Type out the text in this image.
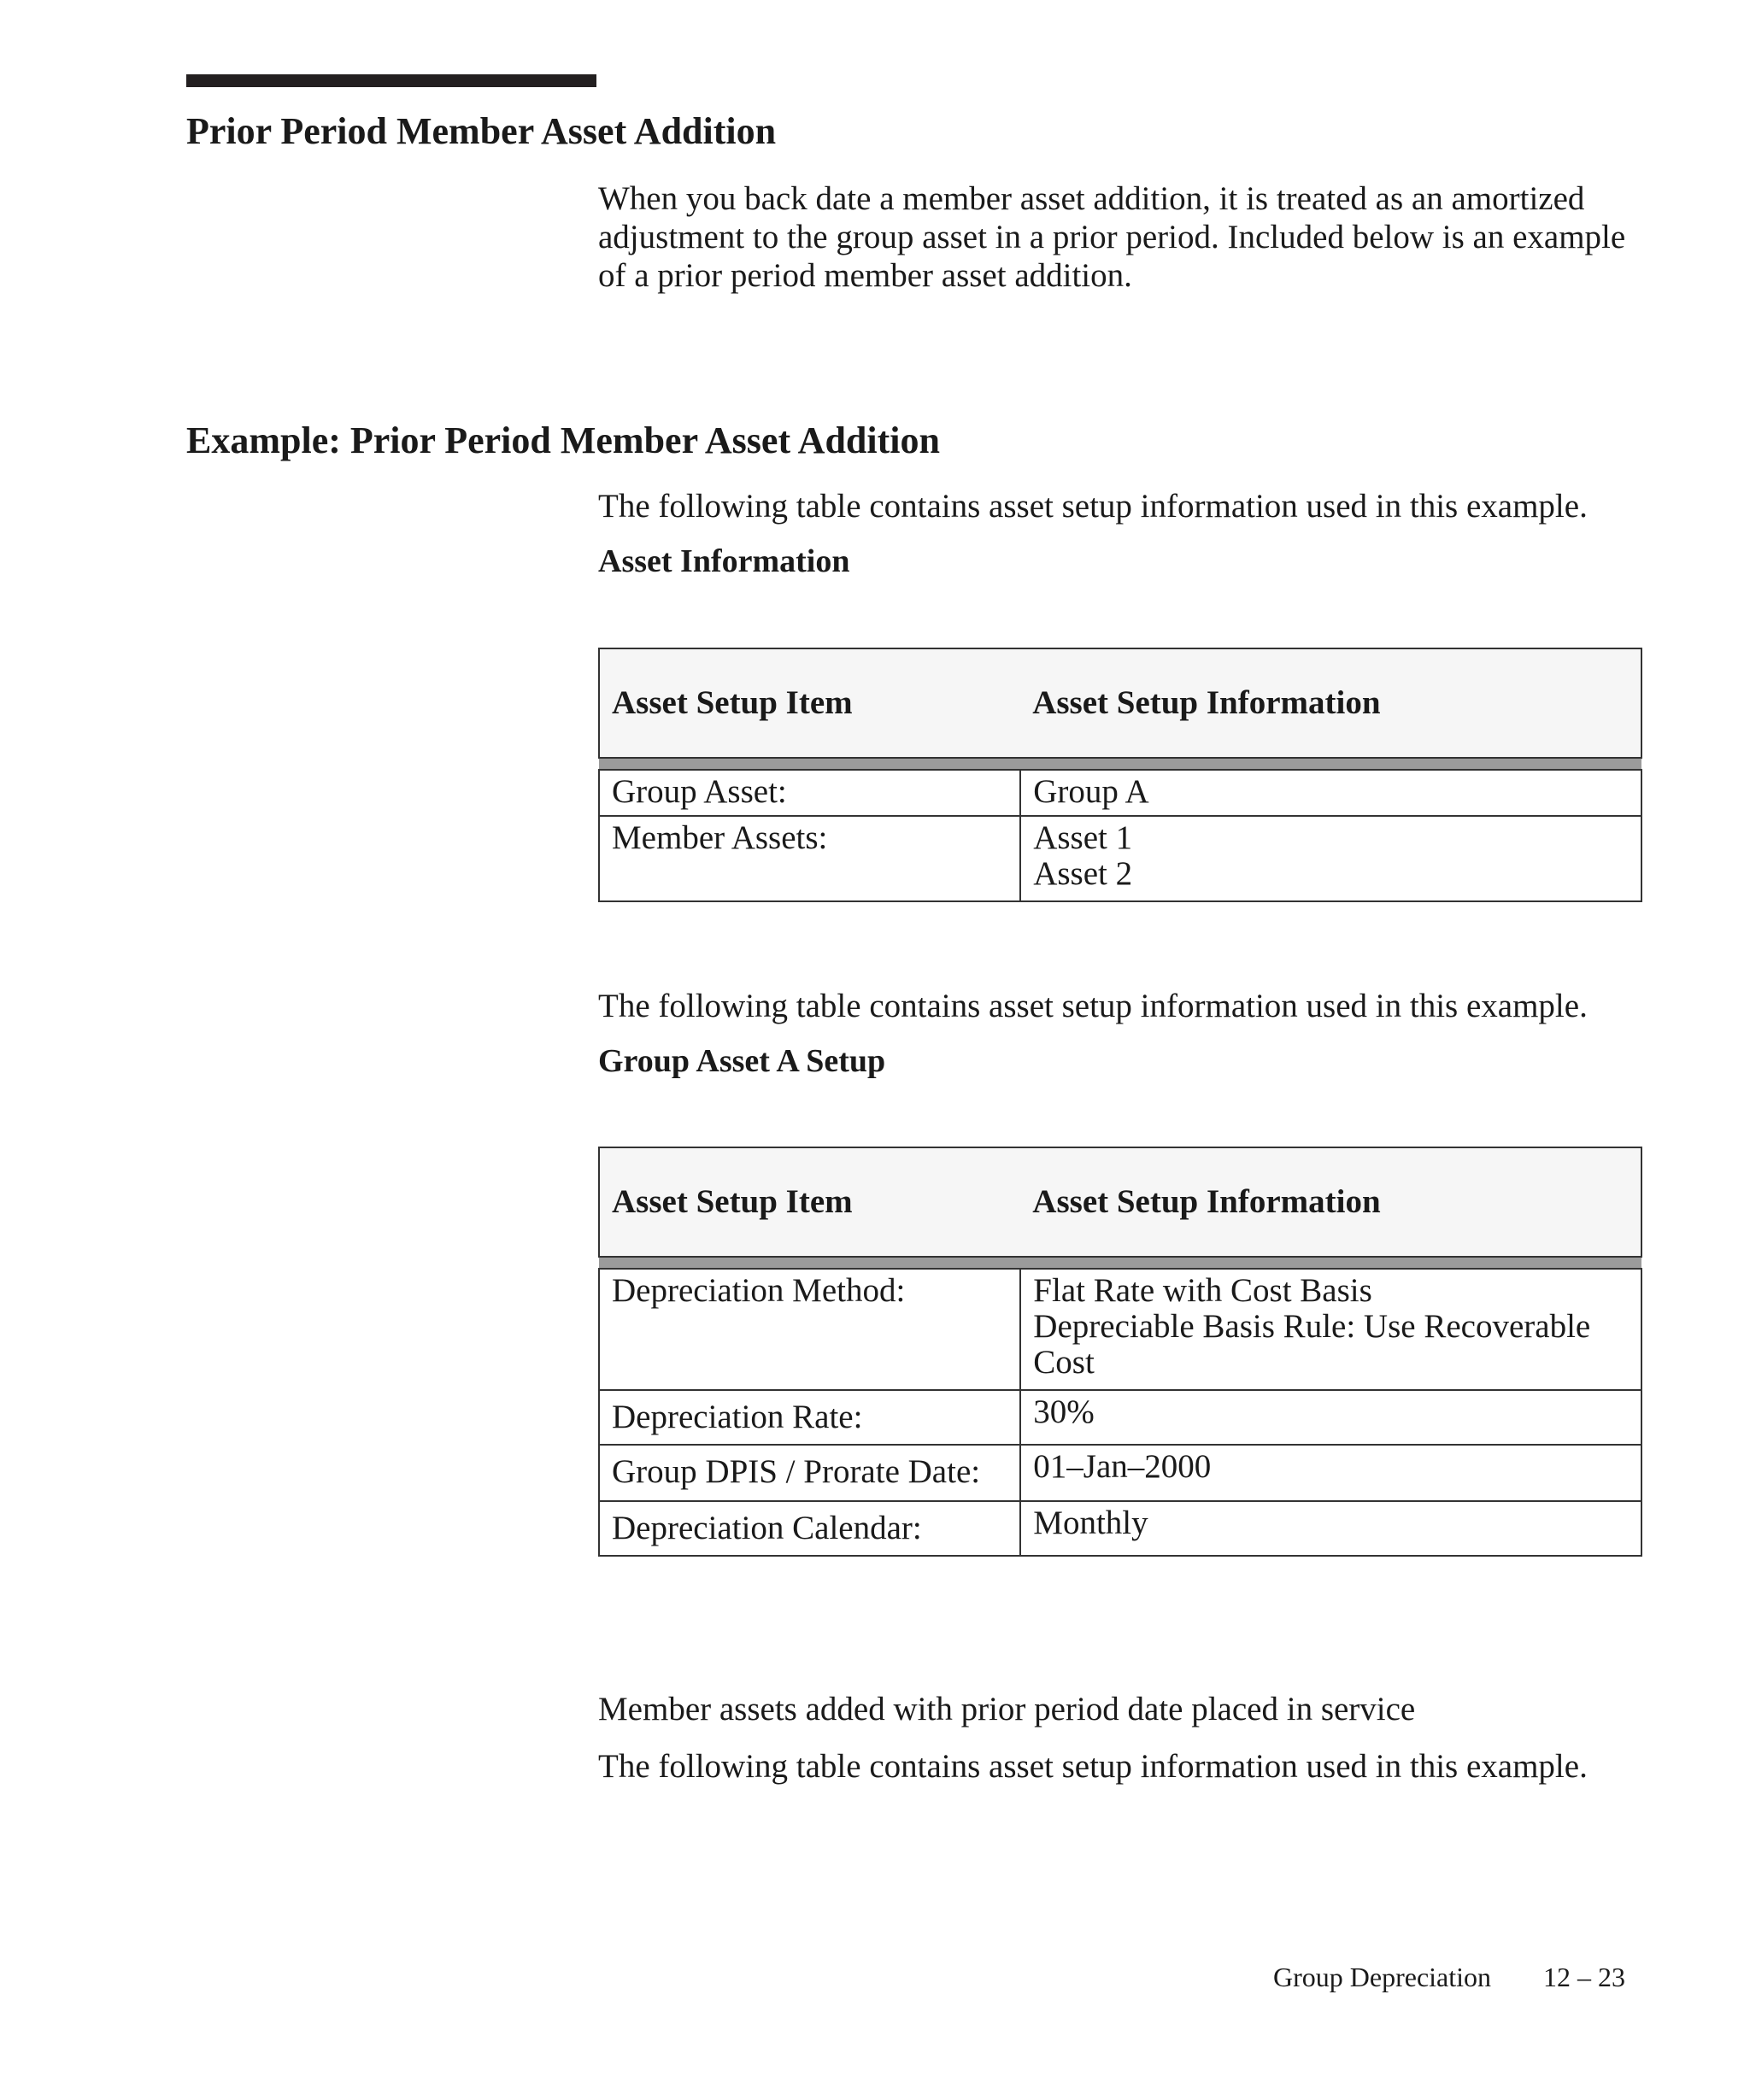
Prior Period Member Asset Addition

When you back date a member asset addition, it is treated as an amortized adjustment to the group asset in a prior period. Included below is an example of a prior period member asset addition.

Example: Prior Period Member Asset Addition

The following table contains asset setup information used in this example.

Asset Information

Asset Setup Item	Asset Setup Information

Group Asset:	Group A

Member Assets:	Asset 1
Asset 2

The following table contains asset setup information used in this example.

Group Asset A Setup

Asset Setup Item	Asset Setup Information

Depreciation Method:	Flat Rate with Cost Basis
Depreciable Basis Rule: Use Recoverable Cost

Depreciation Rate:	30%

Group DPIS / Prorate Date:	01–Jan–2000

Depreciation Calendar:	Monthly

Member assets added with prior period date placed in service

The following table contains asset setup information used in this example.

Group Depreciation 12 – 23
